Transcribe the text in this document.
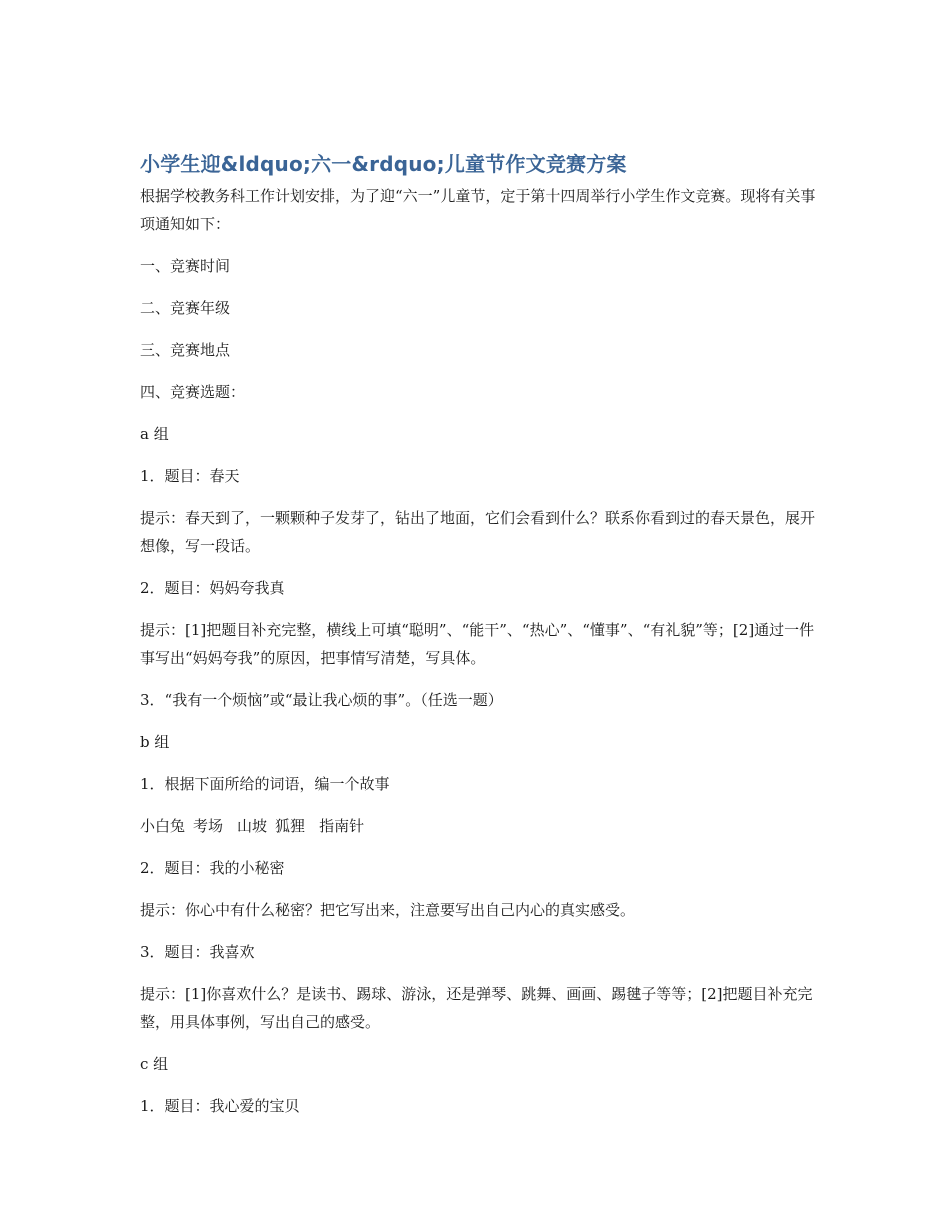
小学生迎&ldquo;六一&rdquo;儿童节作文竞赛方案

根据学校教务科工作计划安排，为了迎“六一”儿童节，定于第十四周举行小学生作文竞赛。现将有关事项通知如下：

一、竞赛时间

二、竞赛年级

三、竞赛地点

四、竞赛选题：

a 组

1．题目：春天

提示：春天到了，一颗颗种子发芽了，钻出了地面，它们会看到什么？联系你看到过的春天景色，展开想像，写一段话。

2．题目：妈妈夸我真

提示：[1]把题目补充完整，横线上可填“聪明”、“能干”、“热心”、“懂事”、“有礼貌”等；[2]通过一件事写出“妈妈夸我”的原因，把事情写清楚，写具体。

3．“我有一个烦恼”或“最让我心烦的事”。（任选一题）

b 组

1．根据下面所给的词语，编一个故事

小白兔 考场 山坡 狐狸 指南针

2．题目：我的小秘密

提示：你心中有什么秘密？把它写出来，注意要写出自己内心的真实感受。

3．题目：我喜欢

提示：[1]你喜欢什么？是读书、踢球、游泳，还是弹琴、跳舞、画画、踢毽子等等；[2]把题目补充完整，用具体事例，写出自己的感受。

c 组

1．题目：我心爱的宝贝
